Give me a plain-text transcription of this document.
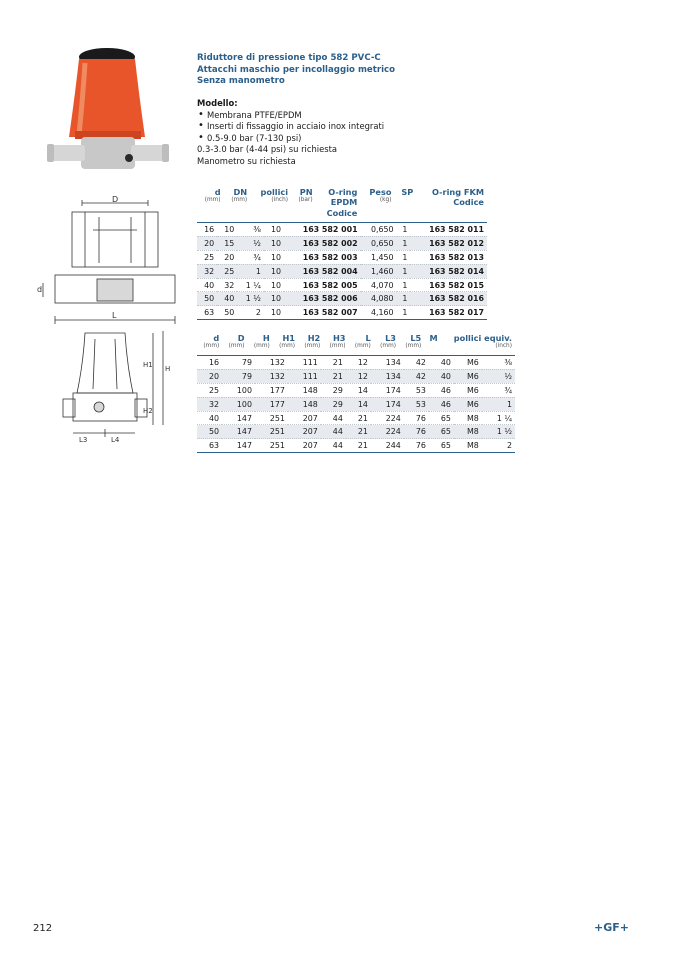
D
d
L
H1 H
H2
L3	L4
Riduttore di pressione tipo 582 PVC-C
Attacchi maschio per incollaggio metrico
Senza manometro
Modello:
• Membrana PTFE/EPDM
• Inserti di fissaggio in acciaio inox integrati
• 0.5-9.0 bar (7-130 psi)
0.3-3.0 bar (4-44 psi) su richiesta
Manometro su richiesta
d	DN	pollici	PN	O-ring	Peso	SP	O-ring FKM
(mm)	(mm)	(inch)	(bar)	EPDM	(kg)		Codice
				Codice			
16	10	⅜	10	163 582 001	0,650	1	163 582 011
20	15	½	10	163 582 002	0,650	1	163 582 012
25	20	¾	10	163 582 003	1,450	1	163 582 013
32	25	1	10	163 582 004	1,460	1	163 582 014
40	32	1 ¼	10	163 582 005	4,070	1	163 582 015
50	40	1 ½	10	163 582 006	4,080	1	163 582 016
63	50	2	10	163 582 007	4,160	1	163 582 017
d	D	H	H1	H2	H3	L	L3	L5	M	pollici equiv.
(mm)	(mm)	(mm)	(mm)	(mm)	(mm)	(mm)	(mm)	(mm)		(inch)
16	79	132	111	21	12	134	42	40	M6	⅜
20	79	132	111	21	12	134	42	40	M6	½
25	100	177	148	29	14	174	53	46	M6	¾
32	100	177	148	29	14	174	53	46	M6	1
40	147	251	207	44	21	224	76	65	M8	1 ¼
50	147	251	207	44	21	224	76	65	M8	1 ½
63	147	251	207	44	21	244	76	65	M8	2
212	+GF+
